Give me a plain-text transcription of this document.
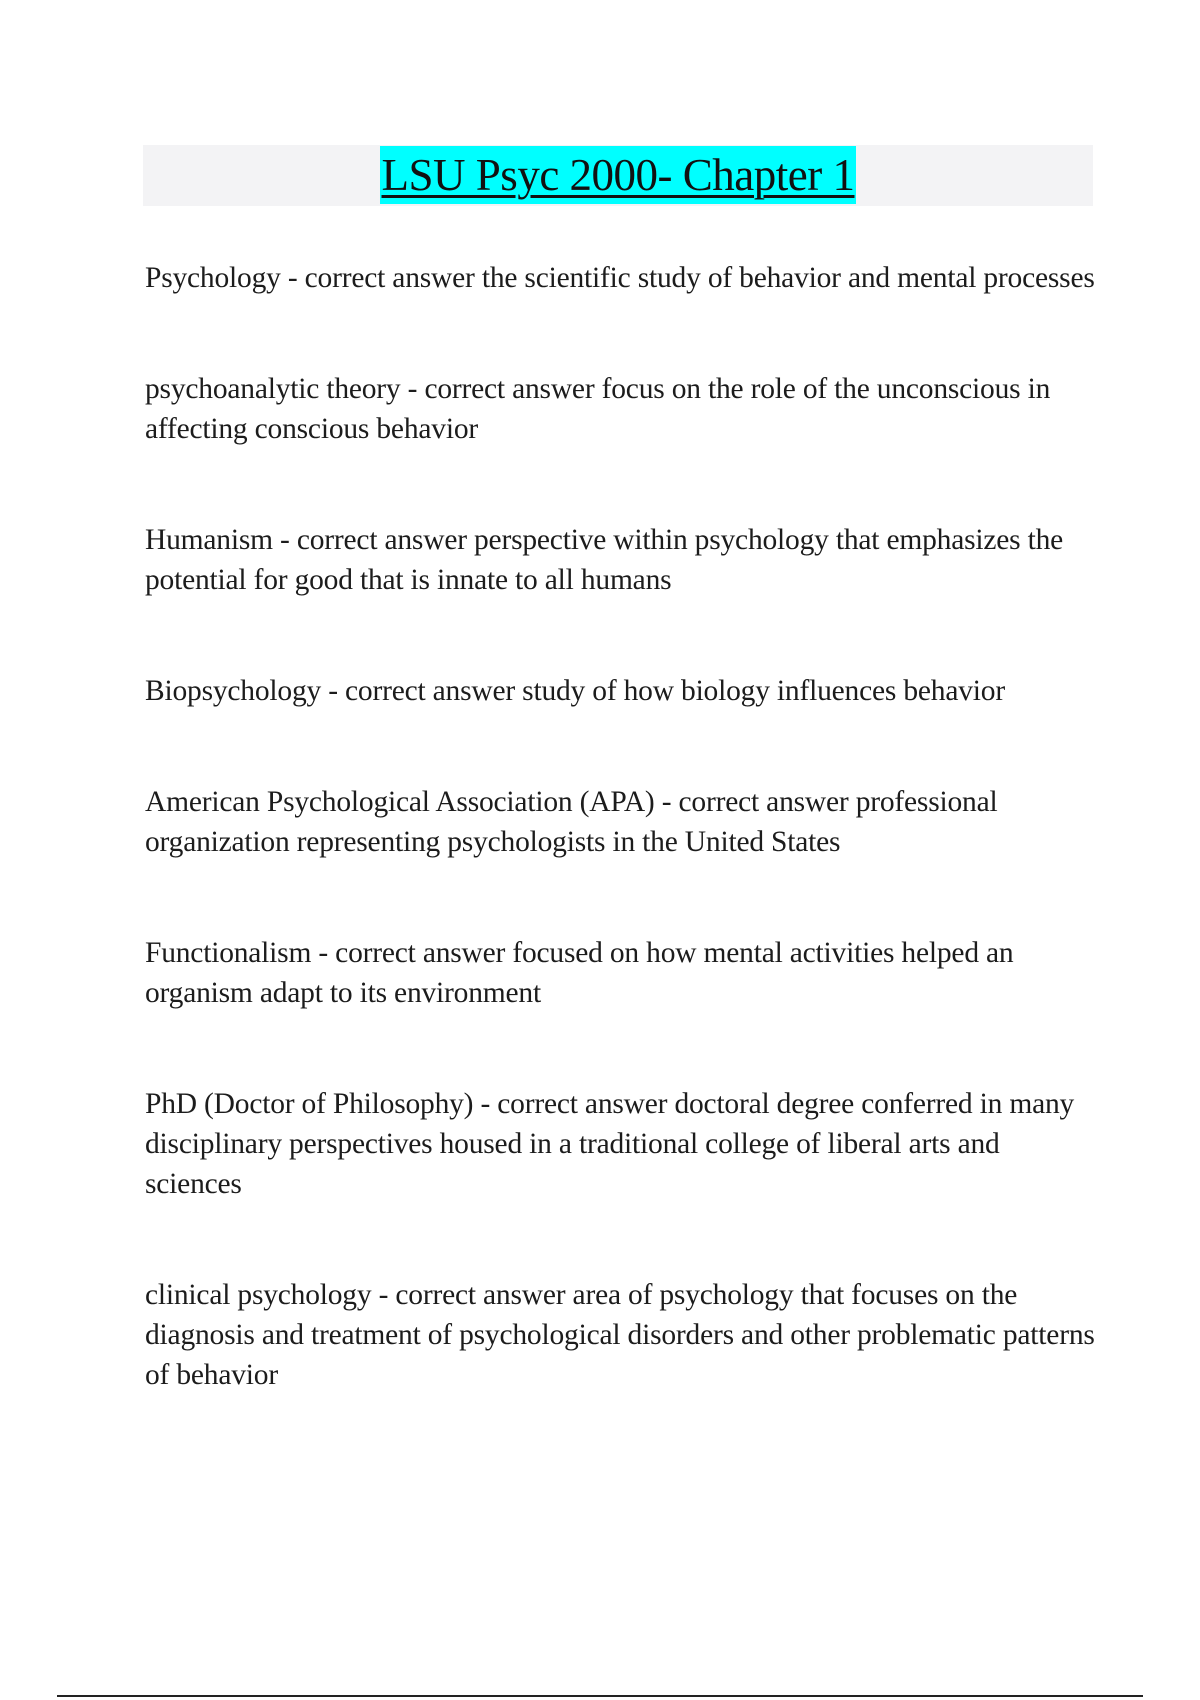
LSU Psyc 2000- Chapter 1

Psychology - correct answer the scientific study of behavior and mental processes

psychoanalytic theory - correct answer focus on the role of the unconscious in affecting conscious behavior

Humanism - correct answer perspective within psychology that emphasizes the potential for good that is innate to all humans

Biopsychology - correct answer study of how biology influences behavior

American Psychological Association (APA) - correct answer professional organization representing psychologists in the United States

Functionalism - correct answer focused on how mental activities helped an organism adapt to its environment

PhD (Doctor of Philosophy) - correct answer doctoral degree conferred in many disciplinary perspectives housed in a traditional college of liberal arts and sciences

clinical psychology - correct answer area of psychology that focuses on the diagnosis and treatment of psychological disorders and other problematic patterns of behavior
